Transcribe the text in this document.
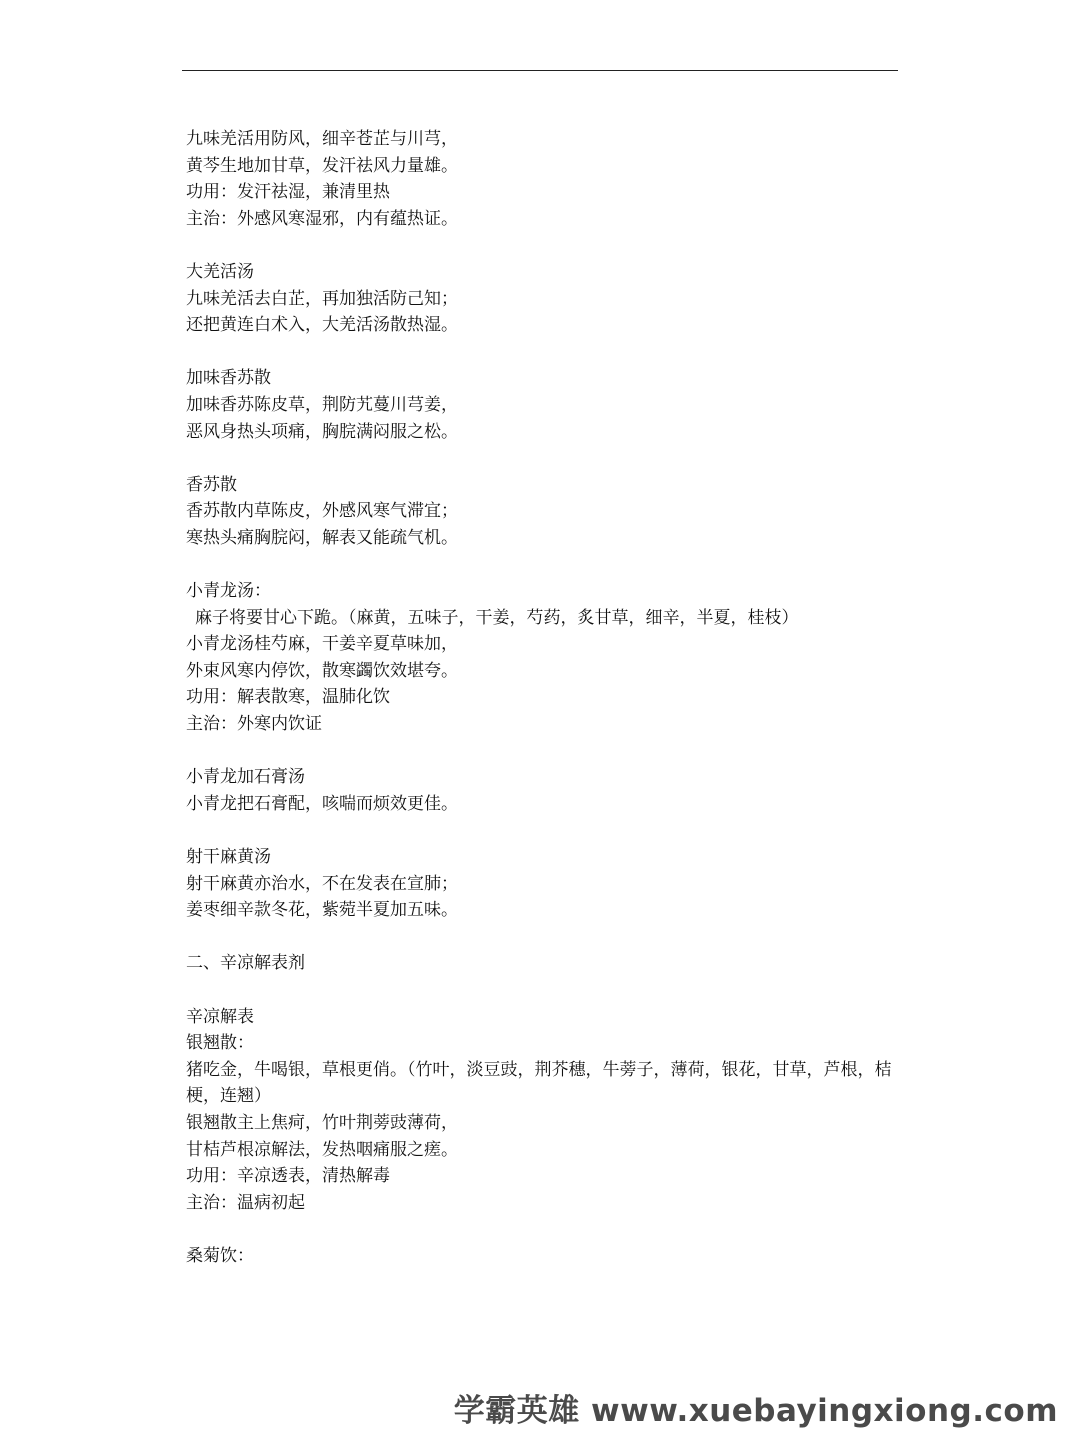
九味羌活用防风，细辛苍芷与川芎，
黄芩生地加甘草，发汗祛风力量雄。
功用：发汗祛湿，兼清里热
主治：外感风寒湿邪，内有蕴热证。
大羌活汤
九味羌活去白芷，再加独活防己知；
还把黄连白术入，大羌活汤散热湿。
加味香苏散
加味香苏陈皮草，荆防艽蔓川芎姜，
恶风身热头项痛，胸脘满闷服之松。
香苏散
香苏散内草陈皮，外感风寒气滞宜；
寒热头痛胸脘闷，解表又能疏气机。
小青龙汤：
麻子将要甘心下跪。（麻黄，五味子，干姜，芍药，炙甘草，细辛，半夏，桂枝）
小青龙汤桂芍麻，干姜辛夏草味加，
外束风寒内停饮，散寒蠲饮效堪夸。
功用：解表散寒，温肺化饮
主治：外寒内饮证
小青龙加石膏汤
小青龙把石膏配，咳喘而烦效更佳。
射干麻黄汤
射干麻黄亦治水，不在发表在宣肺；
姜枣细辛款冬花，紫菀半夏加五味。
二、辛凉解表剂
辛凉解表
银翘散：
猪吃金，牛喝银，草根更俏。（竹叶，淡豆豉，荆芥穗，牛蒡子，薄荷，银花，甘草，芦根，桔梗，连翘）
银翘散主上焦疴，竹叶荆蒡豉薄荷，
甘桔芦根凉解法，发热咽痛服之瘥。
功用：辛凉透表，清热解毒
主治：温病初起
桑菊饮：
学霸英雄 www.xuebayingxiong.com
